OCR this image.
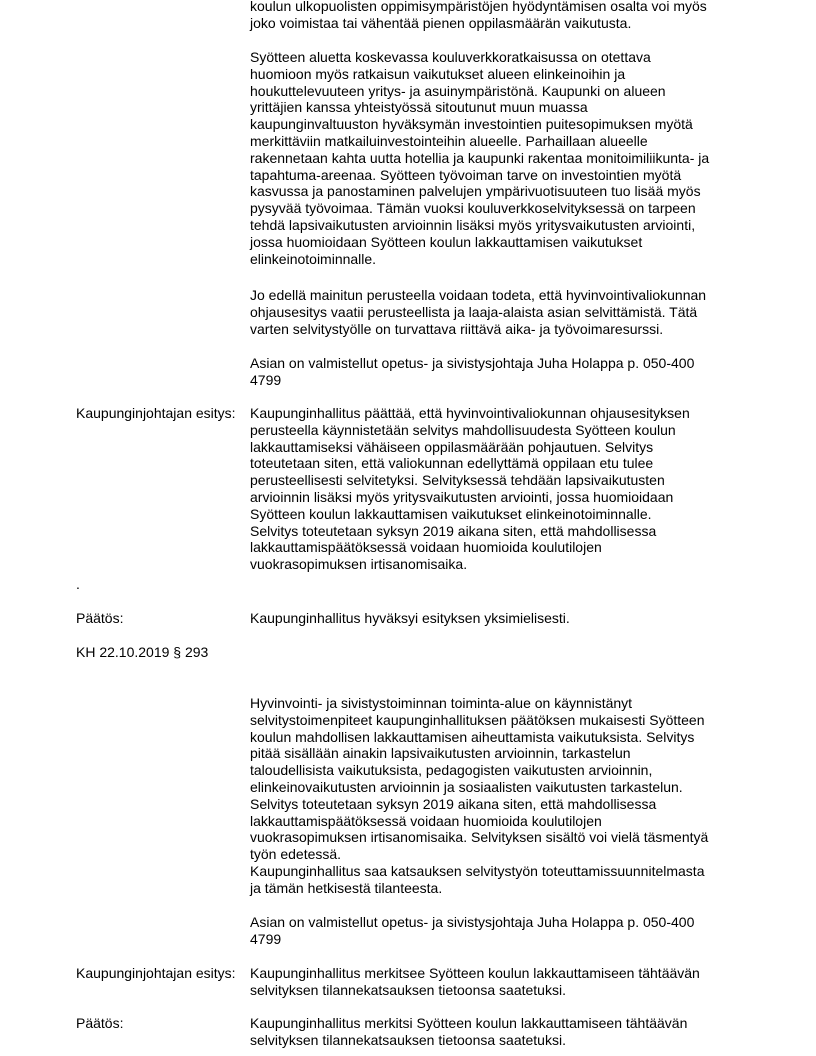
koulun ulkopuolisten oppimisympäristöjen hyödyntämisen osalta voi myös
joko voimistaa tai vähentää pienen oppilasmäärän vaikutusta.

Syötteen aluetta koskevassa kouluverkkoratkaisussa on otettava
huomioon myös ratkaisun vaikutukset alueen elinkeinoihin ja
houkuttelevuuteen yritys- ja asuinympäristönä. Kaupunki on alueen
yrittäjien kanssa yhteistyössä sitoutunut muun muassa
kaupunginvaltuuston hyväksymän investointien puitesopimuksen myötä
merkittäviin matkailuinvestointeihin alueelle. Parhaillaan alueelle
rakennetaan kahta uutta hotellia ja kaupunki rakentaa monitoimiliikunta- ja
tapahtuma-areenaa. Syötteen työvoiman tarve on investointien myötä
kasvussa ja panostaminen palvelujen ympärivuotisuuteen tuo lisää myös
pysyvää työvoimaa. Tämän vuoksi kouluverkkoselvityksessä on tarpeen
tehdä lapsivaikutusten arvioinnin lisäksi myös yritysvaikutusten arviointi,
jossa huomioidaan Syötteen koulun lakkauttamisen vaikutukset
elinkeinotoiminnalle.

Jo edellä mainitun perusteella voidaan todeta, että hyvinvointivaliokunnan
ohjausesitys vaatii perusteellista ja laaja-alaista asian selvittämistä. Tätä
varten selvitystyölle on turvattava riittävä aika- ja työvoimaresurssi.

Asian on valmistellut opetus- ja sivistysjohtaja Juha Holappa p. 050-400
4799

Kaupunginjohtajan esitys:	Kaupunginhallitus päättää, että hyvinvointivaliokunnan ohjausesityksen
perusteella käynnistetään selvitys mahdollisuudesta Syötteen koulun
lakkauttamiseksi vähäiseen oppilasmäärään pohjautuen. Selvitys
toteutetaan siten, että valiokunnan edellyttämä oppilaan etu tulee
perusteellisesti selvitetyksi. Selvityksessä tehdään lapsivaikutusten
arvioinnin lisäksi myös yritysvaikutusten arviointi, jossa huomioidaan
Syötteen koulun lakkauttamisen vaikutukset elinkeinotoiminnalle.
Selvitys toteutetaan syksyn 2019 aikana siten, että mahdollisessa
lakkauttamispäätöksessä voidaan huomioida koulutilojen
vuokrasopimuksen irtisanomisaika.

.

Päätös:	Kaupunginhallitus hyväksyi esityksen yksimielisesti.

KH 22.10.2019 § 293

Hyvinvointi- ja sivistystoiminnan toiminta-alue on käynnistänyt
selvitystoimenpiteet kaupunginhallituksen päätöksen mukaisesti Syötteen
koulun mahdollisen lakkauttamisen aiheuttamista vaikutuksista. Selvitys
pitää sisällään ainakin lapsivaikutusten arvioinnin, tarkastelun
taloudellisista vaikutuksista, pedagogisten vaikutusten arvioinnin,
elinkeinovaikutusten arvioinnin ja sosiaalisten vaikutusten tarkastelun.
Selvitys toteutetaan syksyn 2019 aikana siten, että mahdollisessa
lakkauttamispäätöksessä voidaan huomioida koulutilojen
vuokrasopimuksen irtisanomisaika. Selvityksen sisältö voi vielä täsmentyä
työn edetessä.
Kaupunginhallitus saa katsauksen selvitystyön toteuttamissuunnitelmasta
ja tämän hetkisestä tilanteesta.

Asian on valmistellut opetus- ja sivistysjohtaja Juha Holappa p. 050-400
4799

Kaupunginjohtajan esitys:	Kaupunginhallitus merkitsee Syötteen koulun lakkauttamiseen tähtäävän
selvityksen tilannekatsauksen tietoonsa saatetuksi.

Päätös:	Kaupunginhallitus merkitsi Syötteen koulun lakkauttamiseen tähtäävän
selvityksen tilannekatsauksen tietoonsa saatetuksi.
